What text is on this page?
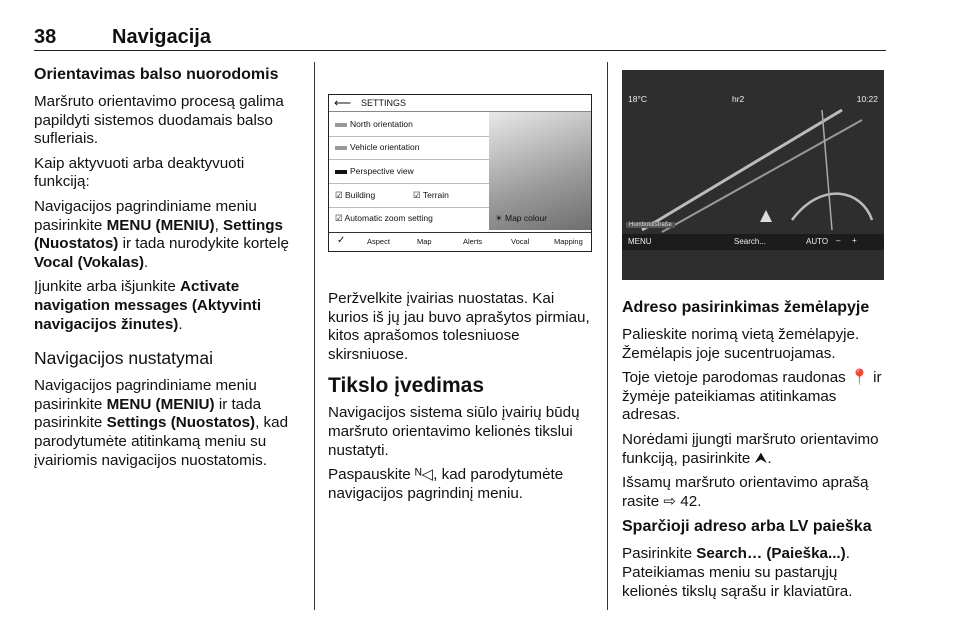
38	Navigacija
Orientavimas balso nuorodomis

Maršruto orientavimo procesą galima papildyti sistemos duodamais balso sufleriais.

Kaip aktyvuoti arba deaktyvuoti funkciją:

Navigacijos pagrindiniame meniu pasirinkite MENU (MENIU), Settings (Nuostatos) ir tada nurodykite kortelę Vocal (Vokalas).

Įjunkite arba išjunkite Activate navigation messages (Aktyvinti navigacijos žinutes).

Navigacijos nustatymai

Navigacijos pagrindiniame meniu pasirinkite MENU (MENIU) ir tada pasirinkite Settings (Nuostatos), kad parodytumėte atitinkamą meniu su įvairiomis navigacijos nuostatomis.

⟵ SETTINGS
North orientation
Vehicle orientation
Perspective view
☑ Building	☑ Terrain
☑ Automatic zoom setting	☀ Map colour
✓	Aspect	Map	Alerts	Vocal	Mapping

Peržvelkite įvairias nuostatas. Kai kurios iš jų jau buvo aprašytos pirmiau, kitos aprašomos tolesniuose skirsniuose.

Tikslo įvedimas

Navigacijos sistema siūlo įvairių būdų maršruto orientavimo kelionės tikslui nustatyti.

Paspauskite ᴺ◁, kad parodytumėte navigacijos pagrindinį meniu.

18°C	hr2	10:22
Humboldtstraße
MENU	Search...	AUTO – +
Adreso pasirinkimas žemėlapyje

Palieskite norimą vietą žemėlapyje. Žemėlapis joje sucentruojamas.

Toje vietoje parodomas raudonas 📍 ir žymėje pateikiamas atitinkamas adresas.

Norėdami įjungti maršruto orientavimo funkciją, pasirinkite ⮝.

Išsamų maršruto orientavimo aprašą rasite ⇨ 42.

Sparčioji adreso arba LV paieška

Pasirinkite Search… (Paieška...). Pateikiamas meniu su pastarųjų kelionės tikslų sąrašu ir klaviatūra.
